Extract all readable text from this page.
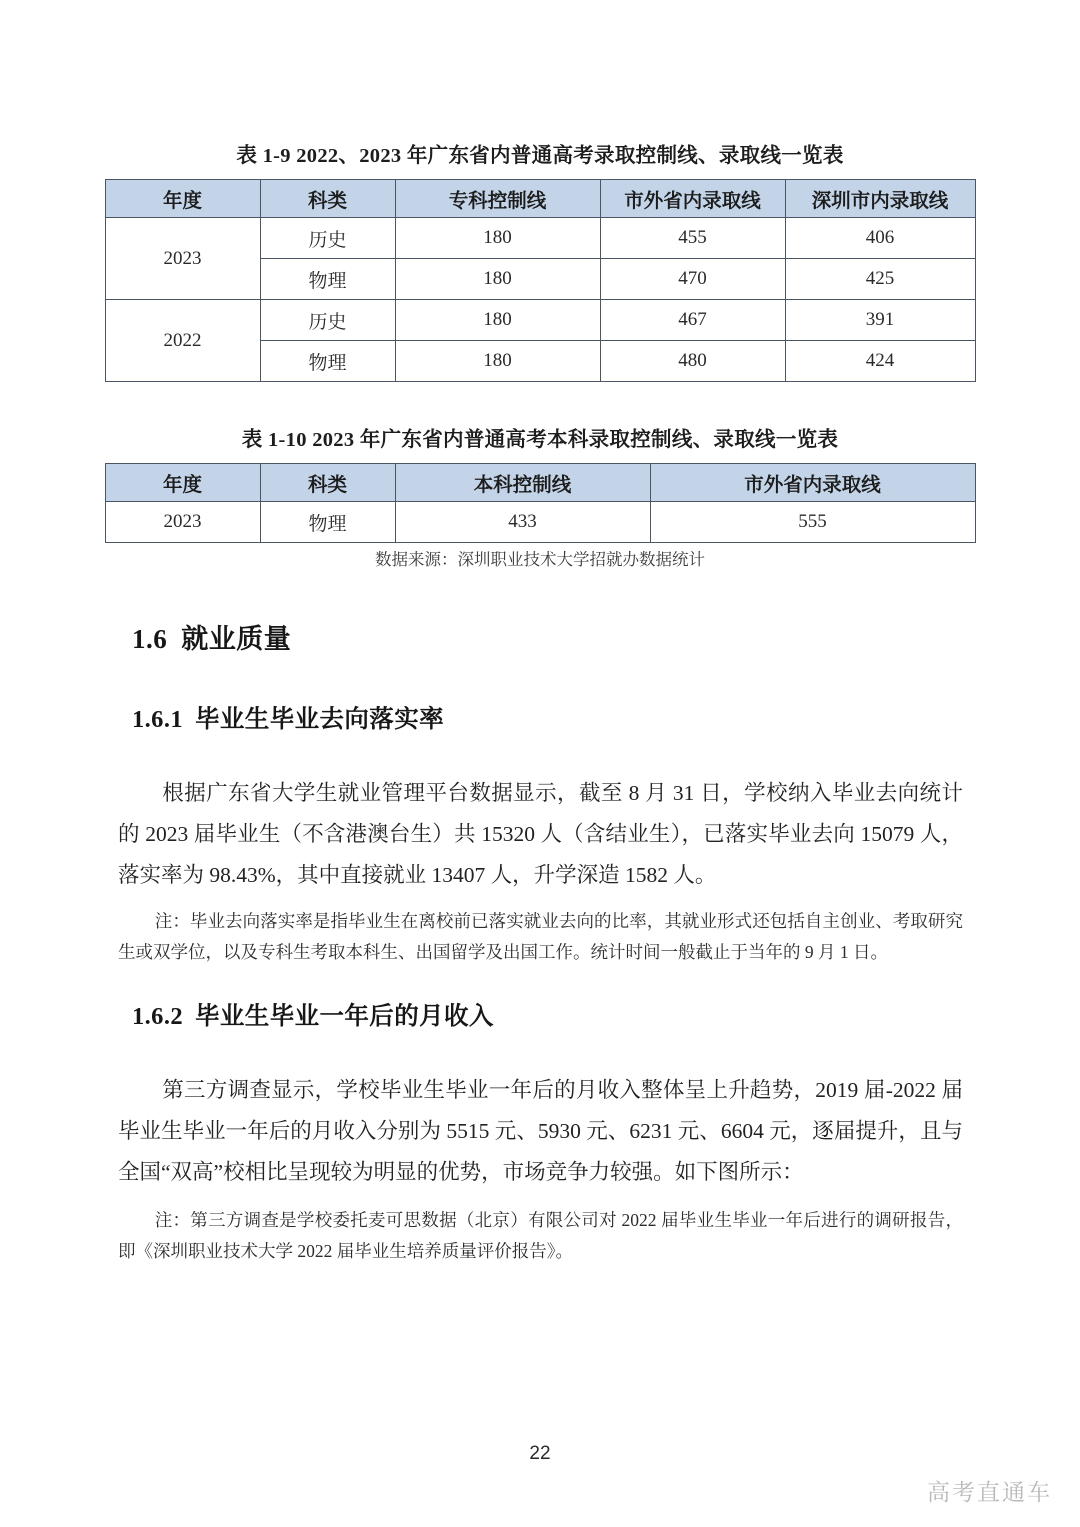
表 1-9 2022、2023 年广东省内普通高考录取控制线、录取线一览表
年度	科类	专科控制线	市外省内录取线	深圳市内录取线
2023	历史	180	455	406
	物理	180	470	425
2022	历史	180	467	391
	物理	180	480	424
表 1-10 2023 年广东省内普通高考本科录取控制线、录取线一览表
年度	科类	本科控制线	市外省内录取线
2023	物理	433	555
数据来源：深圳职业技术大学招就办数据统计
1.6 就业质量
1.6.1 毕业生毕业去向落实率
根据广东省大学生就业管理平台数据显示，截至 8 月 31 日，学校纳入毕业去向统计的 2023 届毕业生（不含港澳台生）共 15320 人（含结业生），已落实毕业去向 15079 人，落实率为 98.43%，其中直接就业 13407 人，升学深造 1582 人。
注：毕业去向落实率是指毕业生在离校前已落实就业去向的比率，其就业形式还包括自主创业、考取研究生或双学位，以及专科生考取本科生、出国留学及出国工作。统计时间一般截止于当年的 9 月 1 日。
1.6.2 毕业生毕业一年后的月收入
第三方调查显示，学校毕业生毕业一年后的月收入整体呈上升趋势，2019 届-2022 届毕业生毕业一年后的月收入分别为 5515 元、5930 元、6231 元、6604 元，逐届提升，且与全国“双高”校相比呈现较为明显的优势，市场竞争力较强。如下图所示：
注：第三方调查是学校委托麦可思数据（北京）有限公司对 2022 届毕业生毕业一年后进行的调研报告，即《深圳职业技术大学 2022 届毕业生培养质量评价报告》。
22
高考直通车
